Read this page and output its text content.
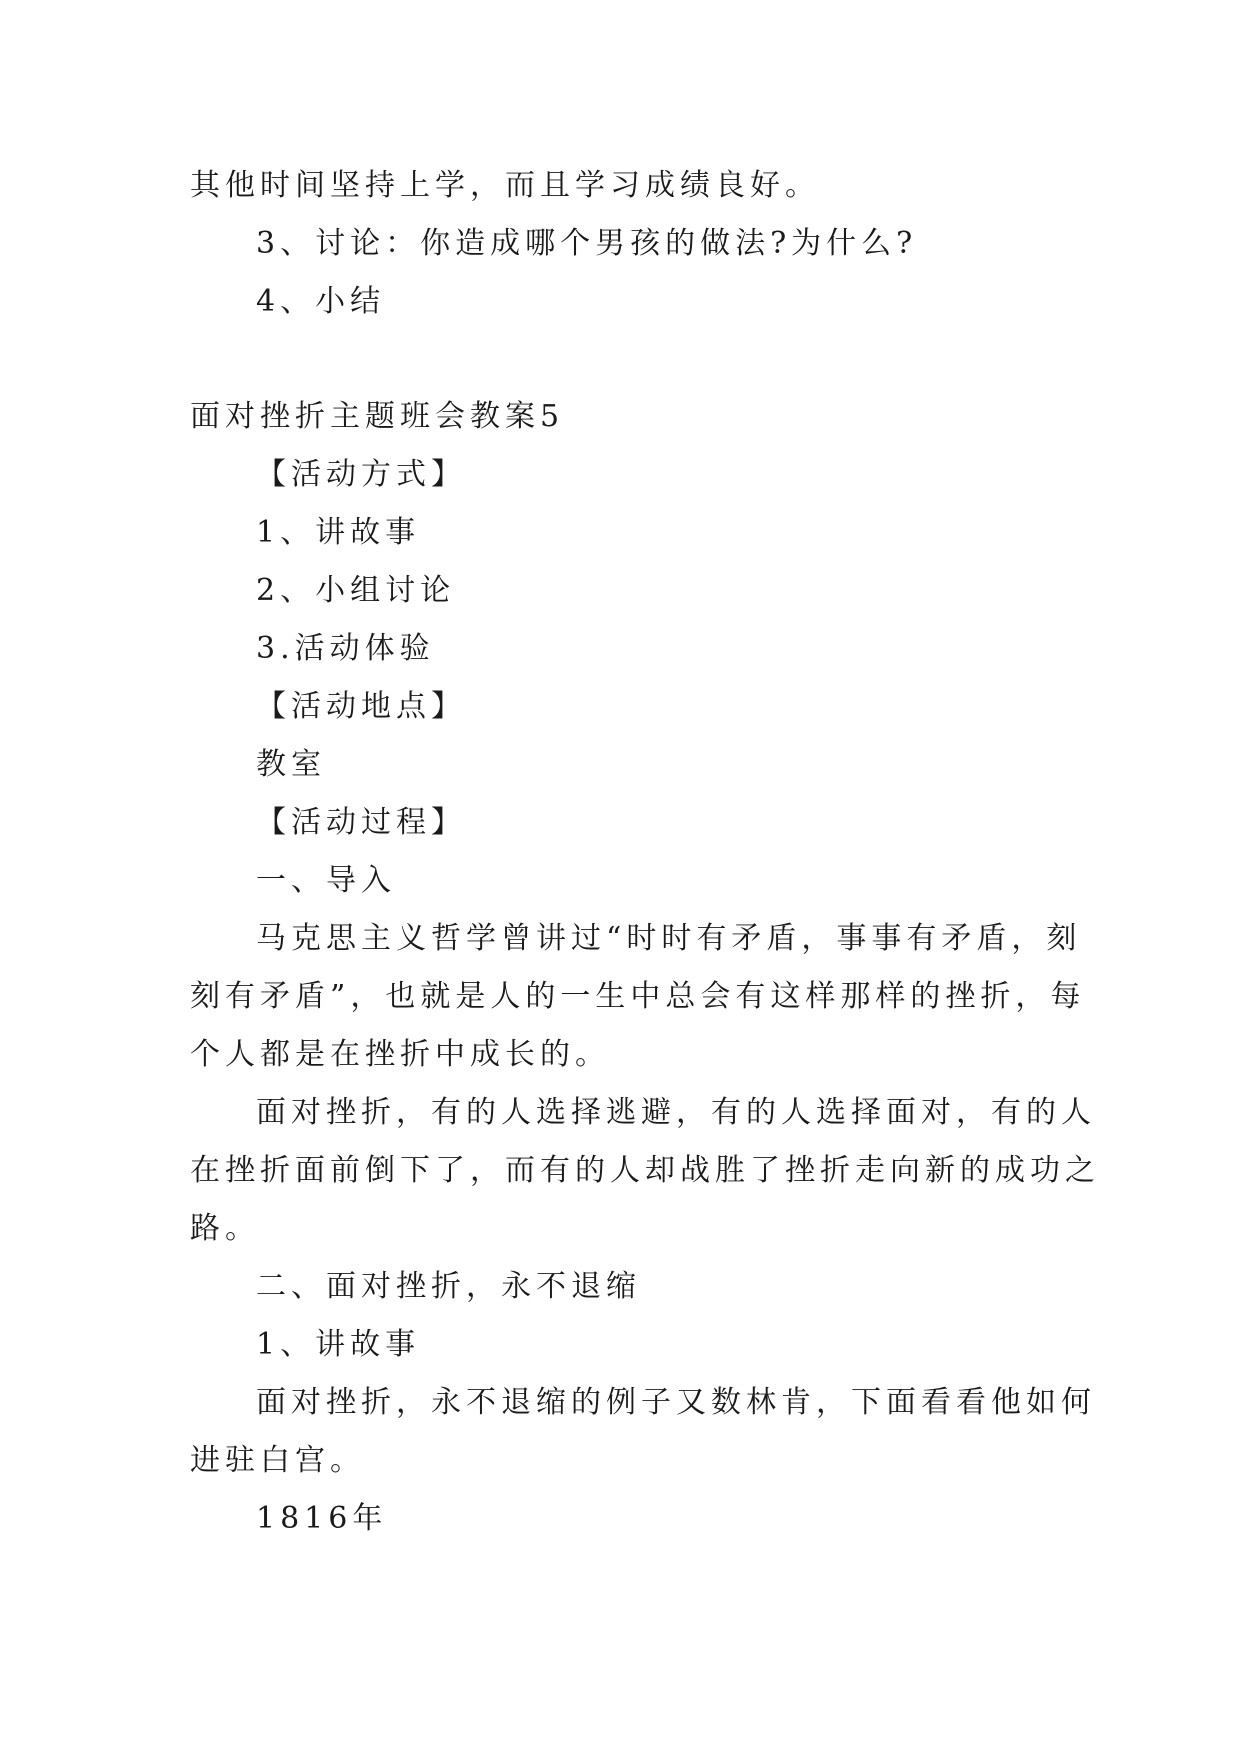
其他时间坚持上学，而且学习成绩良好。
3、讨论：你造成哪个男孩的做法?为什么?
4、小结
面对挫折主题班会教案5
【活动方式】
1、讲故事
2、小组讨论
3.活动体验
【活动地点】
教室
【活动过程】
一、导入
马克思主义哲学曾讲过“时时有矛盾，事事有矛盾，刻
刻有矛盾”，也就是人的一生中总会有这样那样的挫折，每
个人都是在挫折中成长的。
面对挫折，有的人选择逃避，有的人选择面对，有的人
在挫折面前倒下了，而有的人却战胜了挫折走向新的成功之
路。
二、面对挫折，永不退缩
1、讲故事
面对挫折，永不退缩的例子又数林肯，下面看看他如何
进驻白宫。
1816年
